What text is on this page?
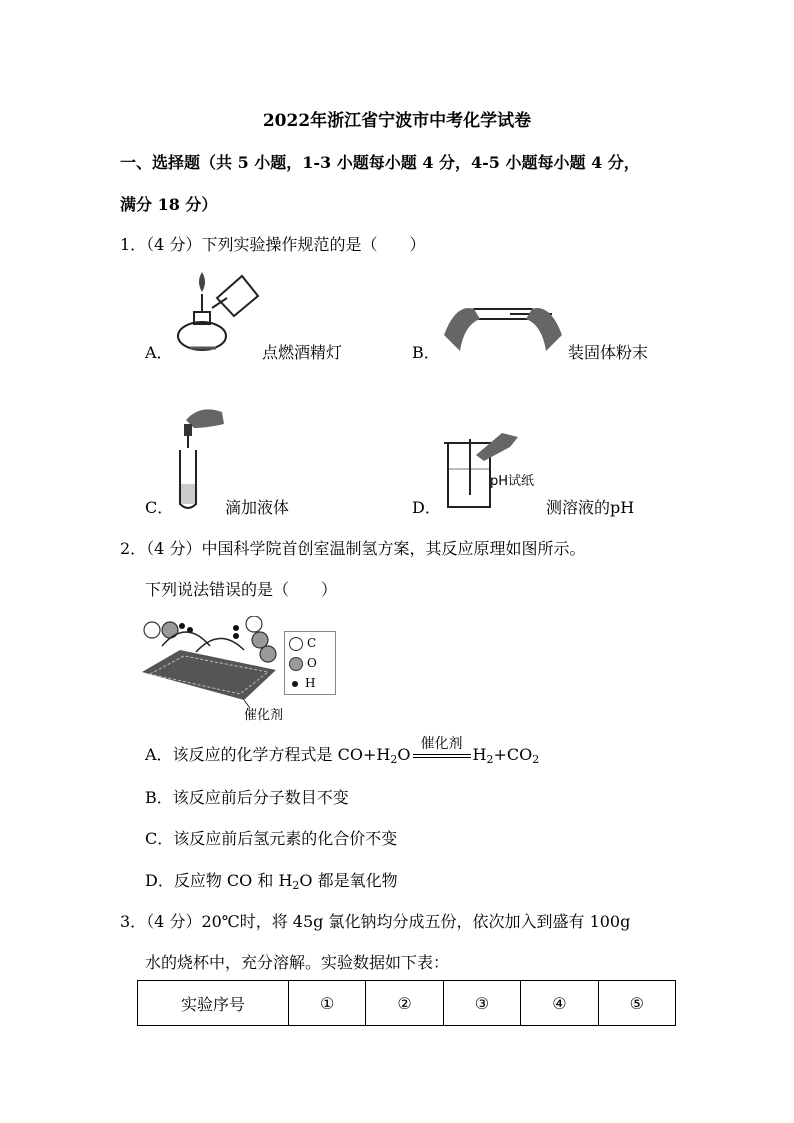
2022年浙江省宁波市中考化学试卷
一、选择题（共 5 小题，1-3 小题每小题 4 分，4-5 小题每小题 4 分，
满分 18 分）
1．（4 分）下列实验操作规范的是（　　）
A．	点燃酒精灯	B．	装固体粉末
C．	滴加液体	D．
pH试纸
测溶液的pH
2．（4 分）中国科学院首创室温制氢方案，其反应原理如图所示。
下列说法错误的是（　　）
催化剂
C
O
H
A．该反应的化学方程式是 $CO+H_2O$
催化剂
$H_2+CO_2$
B．该反应前后分子数目不变
C．该反应前后氢元素的化合价不变
D．反应物 CO 和 $H_2O$ 都是氧化物
3．（4 分）20℃时，将 45g 氯化钠均分成五份，依次加入到盛有 100g
水的烧杯中，充分溶解。实验数据如下表：
实验序号	①	②	③	④	⑤
